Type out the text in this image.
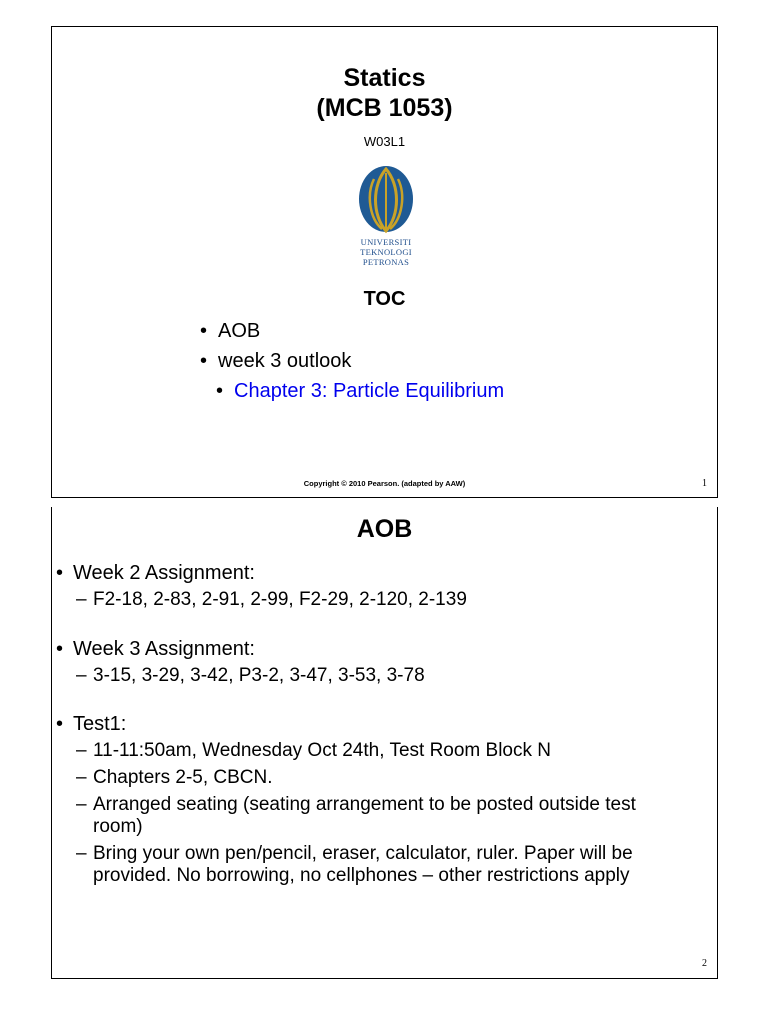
Statics
(MCB 1053)
W03L1
UNIVERSITI
TEKNOLOGI
PETRONAS
TOC
• AOB
• week 3 outlook
• Chapter 3: Particle Equilibrium
Copyright © 2010 Pearson. (adapted by AAW)	1
AOB
• Week 2 Assignment:
– F2-18, 2-83, 2-91, 2-99, F2-29, 2-120, 2-139
• Week 3 Assignment:
– 3-15, 3-29, 3-42, P3-2, 3-47, 3-53, 3-78
• Test1:
– 11-11:50am, Wednesday Oct 24th, Test Room Block N
– Chapters 2-5, CBCN.
– Arranged seating (seating arrangement to be posted outside test
room)
– Bring your own pen/pencil, eraser, calculator, ruler. Paper will be
provided. No borrowing, no cellphones – other restrictions apply
2
